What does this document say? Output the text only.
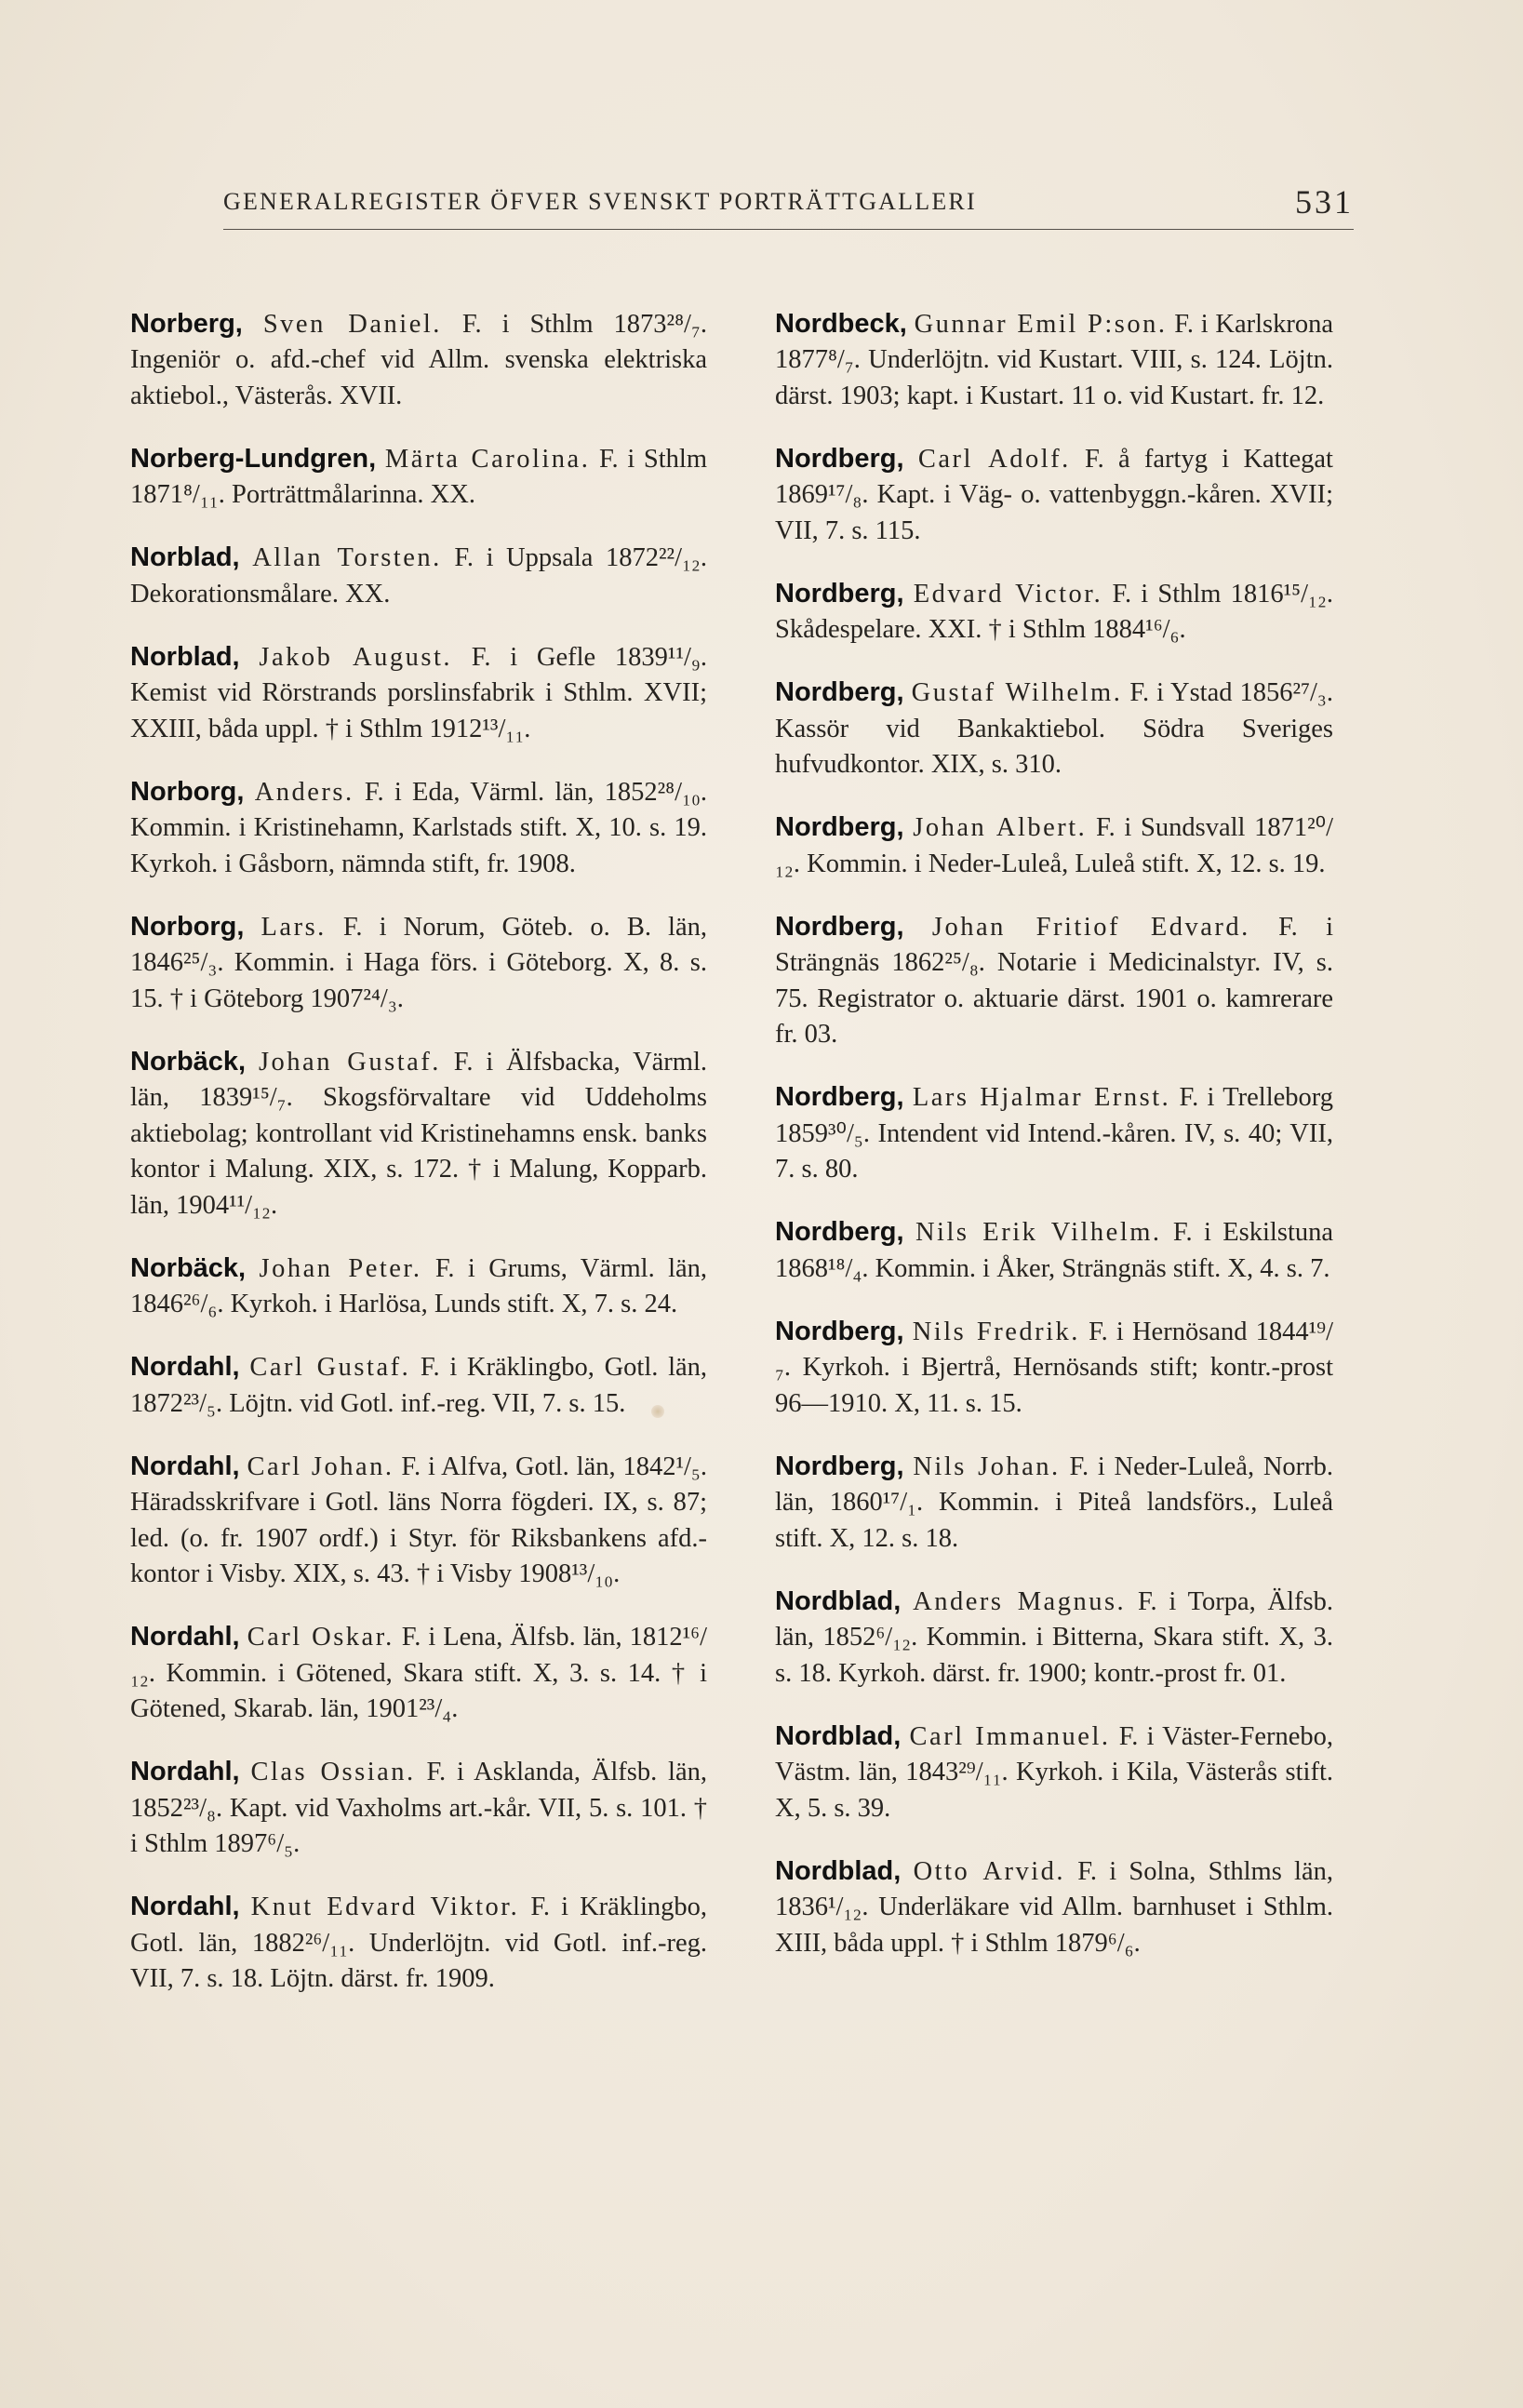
GENERALREGISTER ÖFVER SVENSKT PORTRÄTTGALLERI	531

Norberg, Sven Daniel. F. i Sthlm 1873²⁸/₇. Ingeniör o. afd.-chef vid Allm. svenska elektriska aktiebol., Västerås. XVII.

Norberg-Lundgren, Märta Carolina. F. i Sthlm 1871⁸/₁₁. Porträttmålarinna. XX.

Norblad, Allan Torsten. F. i Uppsala 1872²²/₁₂. Dekorationsmålare. XX.

Norblad, Jakob August. F. i Gefle 1839¹¹/₉. Kemist vid Rörstrands porslinsfabrik i Sthlm. XVII; XXIII, båda uppl. † i Sthlm 1912¹³/₁₁.

Norborg, Anders. F. i Eda, Värml. län, 1852²⁸/₁₀. Kommin. i Kristinehamn, Karlstads stift. X, 10. s. 19. Kyrkoh. i Gåsborn, nämnda stift, fr. 1908.

Norborg, Lars. F. i Norum, Göteb. o. B. län, 1846²⁵/₃. Kommin. i Haga förs. i Göteborg. X, 8. s. 15. † i Göteborg 1907²⁴/₃.

Norbäck, Johan Gustaf. F. i Älfsbacka, Värml. län, 1839¹⁵/₇. Skogsförvaltare vid Uddeholms aktiebolag; kontrollant vid Kristinehamns ensk. banks kontor i Malung. XIX, s. 172. † i Malung, Kopparb. län, 1904¹¹/₁₂.

Norbäck, Johan Peter. F. i Grums, Värml. län, 1846²⁶/₆. Kyrkoh. i Harlösa, Lunds stift. X, 7. s. 24.

Nordahl, Carl Gustaf. F. i Kräklingbo, Gotl. län, 1872²³/₅. Löjtn. vid Gotl. inf.-reg. VII, 7. s. 15.

Nordahl, Carl Johan. F. i Alfva, Gotl. län, 1842¹/₅. Häradsskrifvare i Gotl. läns Norra fögderi. IX, s. 87; led. (o. fr. 1907 ordf.) i Styr. för Riksbankens afd.-kontor i Visby. XIX, s. 43. † i Visby 1908¹³/₁₀.

Nordahl, Carl Oskar. F. i Lena, Älfsb. län, 1812¹⁶/₁₂. Kommin. i Götened, Skara stift. X, 3. s. 14. † i Götened, Skarab. län, 1901²³/₄.

Nordahl, Clas Ossian. F. i Asklanda, Älfsb. län, 1852²³/₈. Kapt. vid Vaxholms art.-kår. VII, 5. s. 101. † i Sthlm 1897⁶/₅.

Nordahl, Knut Edvard Viktor. F. i Kräklingbo, Gotl. län, 1882²⁶/₁₁. Underlöjtn. vid Gotl. inf.-reg. VII, 7. s. 18. Löjtn. därst. fr. 1909.

Nordbeck, Gunnar Emil P:son. F. i Karlskrona 1877⁸/₇. Underlöjtn. vid Kustart. VIII, s. 124. Löjtn. därst. 1903; kapt. i Kustart. 11 o. vid Kustart. fr. 12.

Nordberg, Carl Adolf. F. å fartyg i Kattegat 1869¹⁷/₈. Kapt. i Väg- o. vattenbyggn.-kåren. XVII; VII, 7. s. 115.

Nordberg, Edvard Victor. F. i Sthlm 1816¹⁵/₁₂. Skådespelare. XXI. † i Sthlm 1884¹⁶/₆.

Nordberg, Gustaf Wilhelm. F. i Ystad 1856²⁷/₃. Kassör vid Bankaktiebol. Södra Sveriges hufvudkontor. XIX, s. 310.

Nordberg, Johan Albert. F. i Sundsvall 1871²⁰/₁₂. Kommin. i Neder-Luleå, Luleå stift. X, 12. s. 19.

Nordberg, Johan Fritiof Edvard. F. i Strängnäs 1862²⁵/₈. Notarie i Medicinalstyr. IV, s. 75. Registrator o. aktuarie därst. 1901 o. kamrerare fr. 03.

Nordberg, Lars Hjalmar Ernst. F. i Trelleborg 1859³⁰/₅. Intendent vid Intend.-kåren. IV, s. 40; VII, 7. s. 80.

Nordberg, Nils Erik Vilhelm. F. i Eskilstuna 1868¹⁸/₄. Kommin. i Åker, Strängnäs stift. X, 4. s. 7.

Nordberg, Nils Fredrik. F. i Hernösand 1844¹⁹/₇. Kyrkoh. i Bjertrå, Hernösands stift; kontr.-prost 96—1910. X, 11. s. 15.

Nordberg, Nils Johan. F. i Neder-Luleå, Norrb. län, 1860¹⁷/₁. Kommin. i Piteå landsförs., Luleå stift. X, 12. s. 18.

Nordblad, Anders Magnus. F. i Torpa, Älfsb. län, 1852⁶/₁₂. Kommin. i Bitterna, Skara stift. X, 3. s. 18. Kyrkoh. därst. fr. 1900; kontr.-prost fr. 01.

Nordblad, Carl Immanuel. F. i Väster-Fernebo, Västm. län, 1843²⁹/₁₁. Kyrkoh. i Kila, Västerås stift. X, 5. s. 39.

Nordblad, Otto Arvid. F. i Solna, Sthlms län, 1836¹/₁₂. Underläkare vid Allm. barnhuset i Sthlm. XIII, båda uppl. † i Sthlm 1879⁶/₆.
